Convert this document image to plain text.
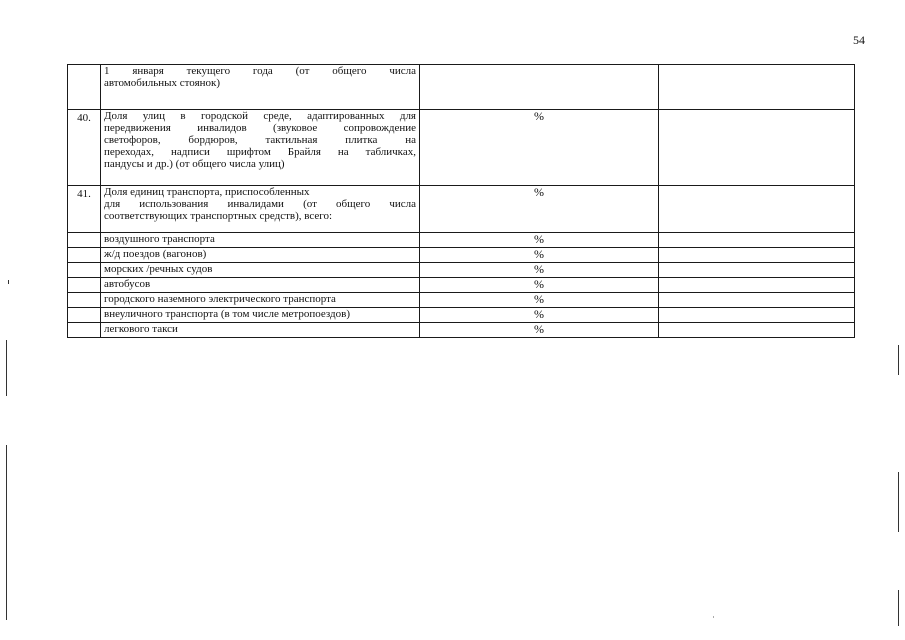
54

	1 января текущего года (от общего числа
автомобильных стоянок)		

40.	Доля улиц в городской среде, адаптированных для
передвижения инвалидов (звуковое сопровождение
светофоров, бордюров, тактильная плитка на
переходах, надписи шрифтом Брайля на табличках,
пандусы и др.) (от общего числа улиц)	%	
41.	Доля единиц транспорта, приспособленных
для использования инвалидами (от общего числа
соответствующих транспортных средств), всего:	%	
	воздушного транспорта	%	
	ж/д поездов (вагонов)	%	
	морских /речных судов	%	
	автобусов	%	
	городского наземного электрического транспорта	%	
	внеуличного транспорта (в том числе метропоездов)	%	
	легкового такси	%	
